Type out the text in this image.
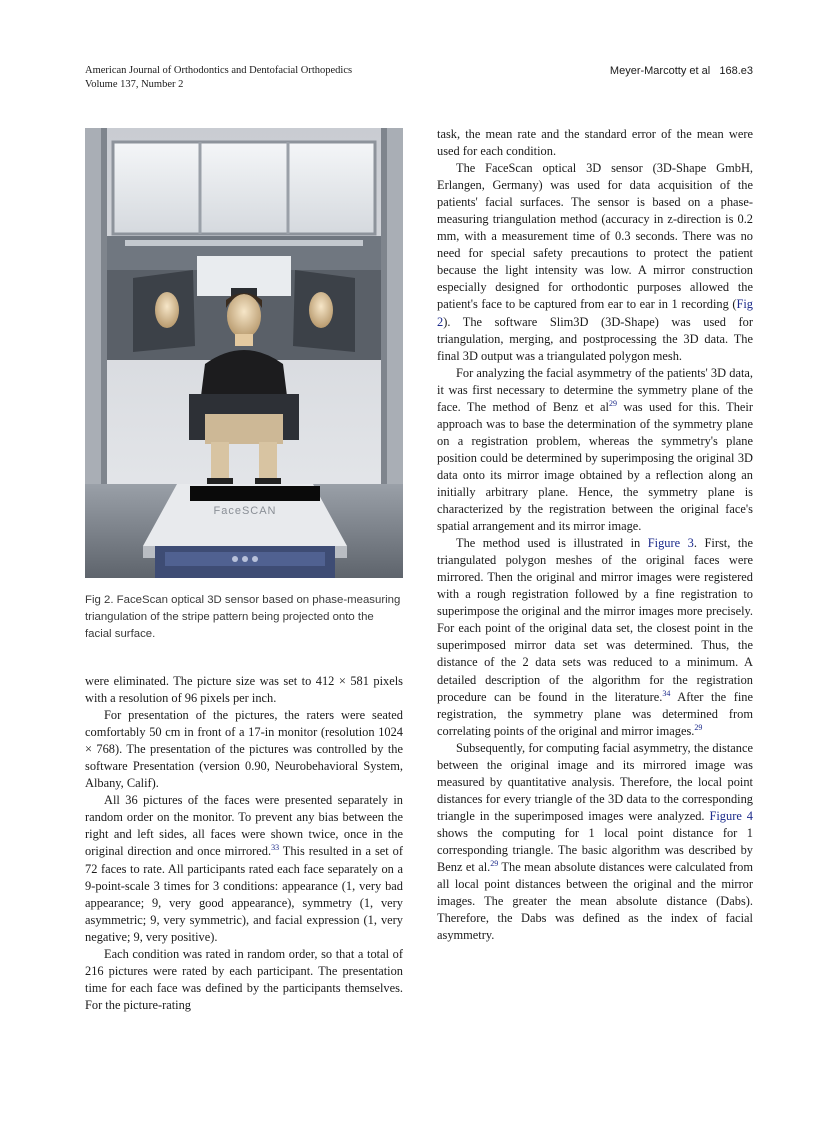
American Journal of Orthodontics and Dentofacial Orthopedics
Volume 137, Number 2
Meyer-Marcotty et al 168.e3
FaceSCAN
Fig 2. FaceScan optical 3D sensor based on phase-measuring triangulation of the stripe pattern being projected onto the facial surface.

were eliminated. The picture size was set to 412 × 581 pixels with a resolution of 96 pixels per inch.

For presentation of the pictures, the raters were seated comfortably 50 cm in front of a 17-in monitor (resolution 1024 × 768). The presentation of the pictures was controlled by the software Presentation (version 0.90, Neurobehavioral System, Albany, Calif).

All 36 pictures of the faces were presented separately in random order on the monitor. To prevent any bias between the right and left sides, all faces were shown twice, once in the original direction and once mirrored.$^{33}$ This resulted in a set of 72 faces to rate. All participants rated each face separately on a 9-point-scale 3 times for 3 conditions: appearance (1, very bad appearance; 9, very good appearance), symmetry (1, very asymmetric; 9, very symmetric), and facial expression (1, very negative; 9, very positive).

Each condition was rated in random order, so that a total of 216 pictures were rated by each participant. The presentation time for each face was defined by the participants themselves. For the picture-rating

task, the mean rate and the standard error of the mean were used for each condition.

The FaceScan optical 3D sensor (3D-Shape GmbH, Erlangen, Germany) was used for data acquisition of the patients' facial surfaces. The sensor is based on a phase-measuring triangulation method (accuracy in z-direction is 0.2 mm, with a measurement time of 0.3 seconds. There was no need for special safety precautions to protect the patient because the light intensity was low. A mirror construction especially designed for orthodontic purposes allowed the patient's face to be captured from ear to ear in 1 recording (Fig 2). The software Slim3D (3D-Shape) was used for triangulation, merging, and postprocessing the 3D data. The final 3D output was a triangulated polygon mesh.

For analyzing the facial asymmetry of the patients' 3D data, it was first necessary to determine the symmetry plane of the face. The method of Benz et al$^{29}$ was used for this. Their approach was to base the determination of the symmetry plane on a registration problem, whereas the symmetry's plane position could be determined by superimposing the original 3D data onto its mirror image obtained by a reflection along an initially arbitrary plane. Hence, the symmetry plane is characterized by the registration between the original face's spatial arrangement and its mirror image.

The method used is illustrated in Figure 3. First, the triangulated polygon meshes of the original faces were mirrored. Then the original and mirror images were registered with a rough registration followed by a fine registration to superimpose the original and the mirror images more precisely. For each point of the original data set, the closest point in the superimposed mirror data set was determined. Thus, the distance of the 2 data sets was reduced to a minimum. A detailed description of the algorithm for the registration procedure can be found in the literature.$^{34}$ After the fine registration, the symmetry plane was determined from correlating points of the original and mirror images.$^{29}$

Subsequently, for computing facial asymmetry, the distance between the original image and its mirrored image was measured by quantitative analysis. Therefore, the local point distances for every triangle of the 3D data to the corresponding triangle in the superimposed images were analyzed. Figure 4 shows the computing for 1 local point distance for 1 corresponding triangle. The basic algorithm was described by Benz et al.$^{29}$ The mean absolute distances were calculated from all local point distances between the original and the mirror images. The greater the mean absolute distance (Dabs). Therefore, the Dabs was defined as the index of facial asymmetry.
